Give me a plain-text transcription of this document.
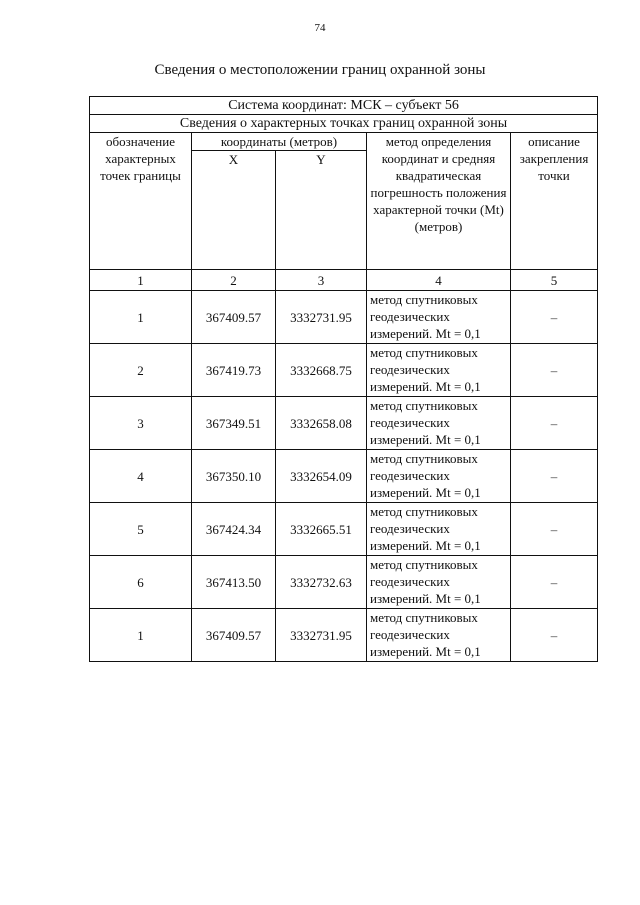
74
Сведения о местоположении границ охранной зоны
Система координат: МСК – субъект 56				
Сведения о характерных точках границ охранной зоны				
обозначение характерных точек границы	координаты (метров)		метод определения координат и средняя квадратическая погрешность положения характерной точки (Mt) (метров)	описание закрепления точки
	X	Y		
1	2	3	4	5
1	367409.57	3332731.95	метод спутниковых геодезических измерений. Mt = 0,1	–
2	367419.73	3332668.75	метод спутниковых геодезических измерений. Mt = 0,1	–
3	367349.51	3332658.08	метод спутниковых геодезических измерений. Mt = 0,1	–
4	367350.10	3332654.09	метод спутниковых геодезических измерений. Mt = 0,1	–
5	367424.34	3332665.51	метод спутниковых геодезических измерений. Mt = 0,1	–
6	367413.50	3332732.63	метод спутниковых геодезических измерений. Mt = 0,1	–
1	367409.57	3332731.95	метод спутниковых геодезических измерений. Mt = 0,1	–
